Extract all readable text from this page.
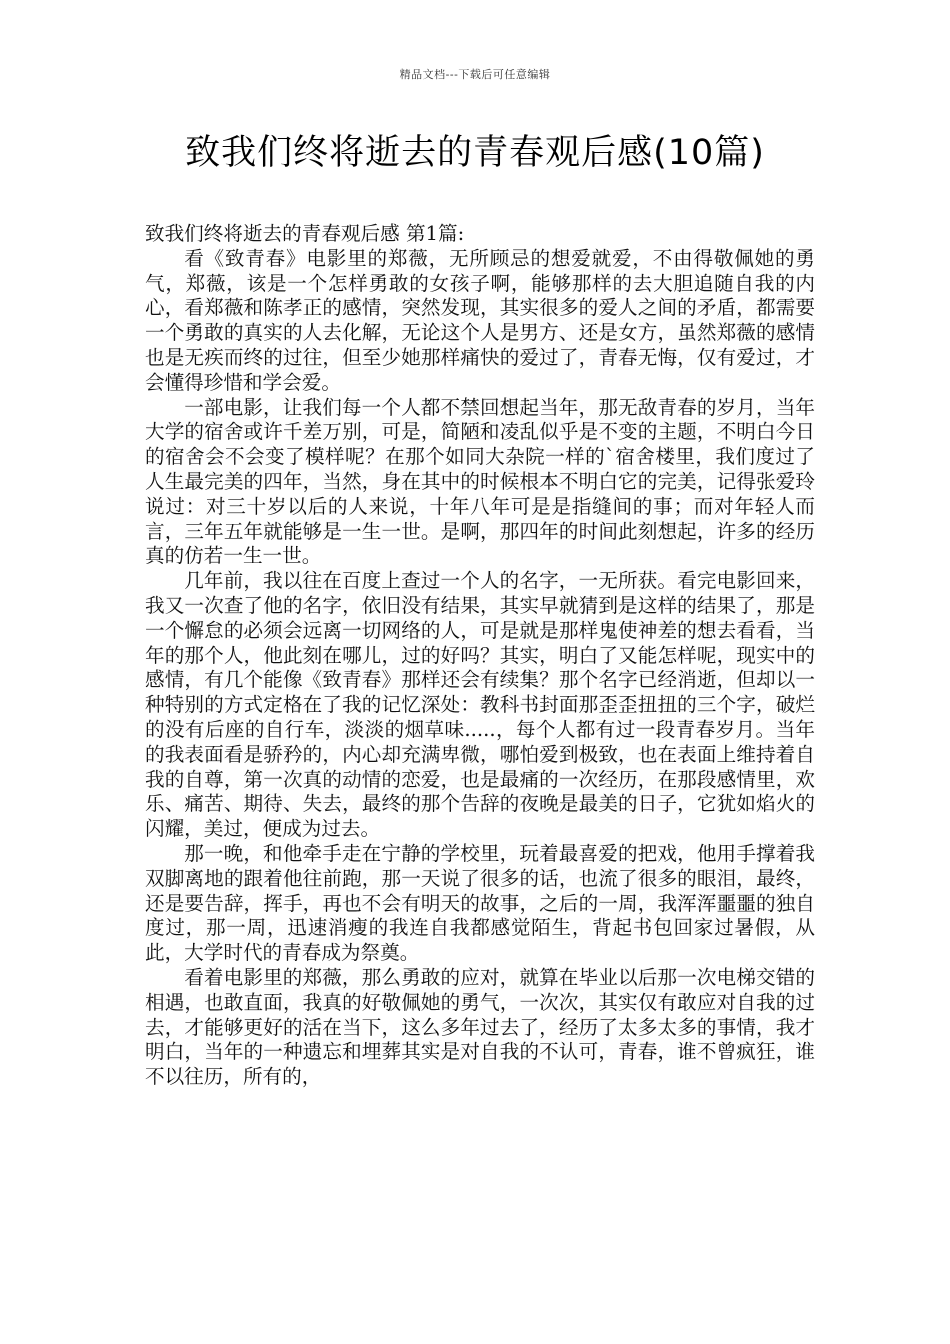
精品文档---下载后可任意编辑
致我们终将逝去的青春观后感(10篇)

致我们终将逝去的青春观后感 第1篇:

看《致青春》电影里的郑薇，无所顾忌的想爱就爱，不由得敬佩她的勇气，郑薇，该是一个怎样勇敢的女孩子啊，能够那样的去大胆追随自我的内心，看郑薇和陈孝正的感情，突然发现，其实很多的爱人之间的矛盾，都需要一个勇敢的真实的人去化解，无论这个人是男方、还是女方，虽然郑薇的感情也是无疾而终的过往，但至少她那样痛快的爱过了，青春无悔，仅有爱过，才会懂得珍惜和学会爱。

一部电影，让我们每一个人都不禁回想起当年，那无敌青春的岁月，当年大学的宿舍或许千差万别，可是，简陋和凌乱似乎是不变的主题，不明白今日的宿舍会不会变了模样呢？在那个如同大杂院一样的`宿舍楼里，我们度过了人生最完美的四年，当然，身在其中的时候根本不明白它的完美，记得张爱玲说过：对三十岁以后的人来说，十年八年可是是指缝间的事；而对年轻人而言，三年五年就能够是一生一世。是啊，那四年的时间此刻想起，许多的经历真的仿若一生一世。

几年前，我以往在百度上查过一个人的名字，一无所获。看完电影回来，我又一次查了他的名字，依旧没有结果，其实早就猜到是这样的结果了，那是一个懈怠的必须会远离一切网络的人，可是就是那样鬼使神差的想去看看，当年的那个人，他此刻在哪儿，过的好吗？其实，明白了又能怎样呢，现实中的感情，有几个能像《致青春》那样还会有续集？那个名字已经消逝，但却以一种特别的方式定格在了我的记忆深处：教科书封面那歪歪扭扭的三个字，破烂的没有后座的自行车，淡淡的烟草味.....，每个人都有过一段青春岁月。当年的我表面看是骄矜的，内心却充满卑微，哪怕爱到极致，也在表面上维持着自我的自尊，第一次真的动情的恋爱，也是最痛的一次经历，在那段感情里，欢乐、痛苦、期待、失去，最终的那个告辞的夜晚是最美的日子，它犹如焰火的闪耀，美过，便成为过去。

那一晚，和他牵手走在宁静的学校里，玩着最喜爱的把戏，他用手撑着我双脚离地的跟着他往前跑，那一天说了很多的话，也流了很多的眼泪，最终，还是要告辞，挥手，再也不会有明天的故事，之后的一周，我浑浑噩噩的独自度过，那一周，迅速消瘦的我连自我都感觉陌生，背起书包回家过暑假，从此，大学时代的青春成为祭奠。

看着电影里的郑薇，那么勇敢的应对，就算在毕业以后那一次电梯交错的相遇，也敢直面，我真的好敬佩她的勇气，一次次，其实仅有敢应对自我的过去，才能够更好的活在当下，这么多年过去了，经历了太多太多的事情，我才明白，当年的一种遗忘和埋葬其实是对自我的不认可，青春，谁不曾疯狂，谁不以往历，所有的，
